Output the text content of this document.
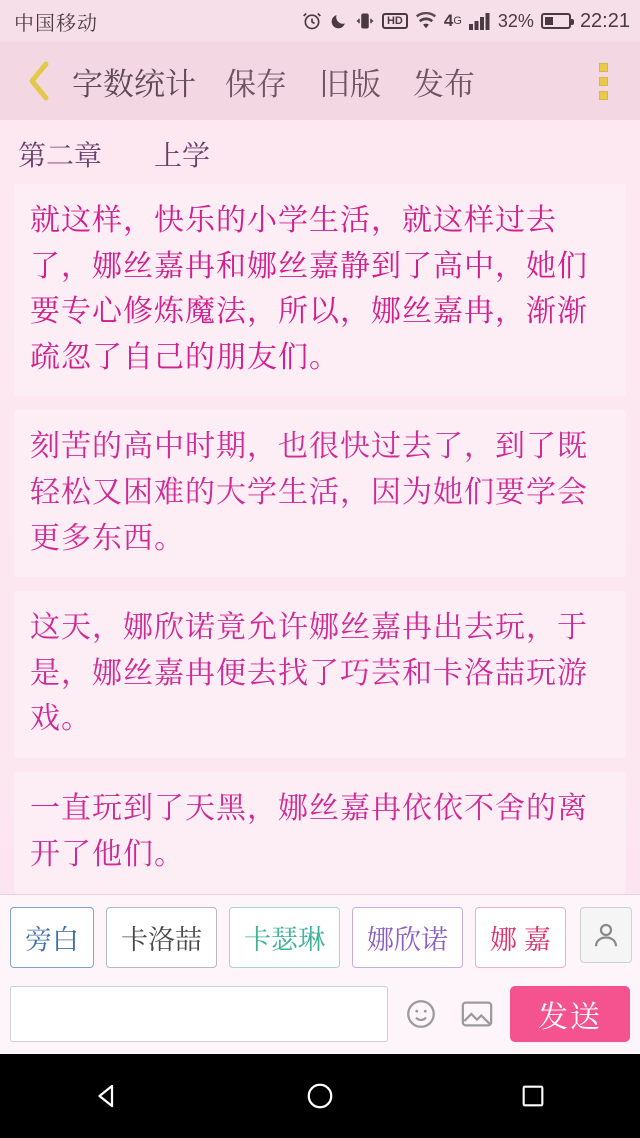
中国移动	HD 4 G 32% 22:21
字数统计 保存	旧版	发布
第二章 上学
就这样，快乐的小学生活，就这样过去了，娜丝嘉冉和娜丝嘉静到了高中，她们要专心修炼魔法，所以，娜丝嘉冉，渐渐疏忽了自己的朋友们。
刻苦的高中时期，也很快过去了，到了既轻松又困难的大学生活，因为她们要学会更多东西。
这天，娜欣诺竟允许娜丝嘉冉出去玩，于是，娜丝嘉冉便去找了巧芸和卡洛喆玩游戏。
一直玩到了天黑，娜丝嘉冉依依不舍的离开了他们。
旁白	卡洛喆	卡瑟琳	娜欣诺	娜 嘉
发送
